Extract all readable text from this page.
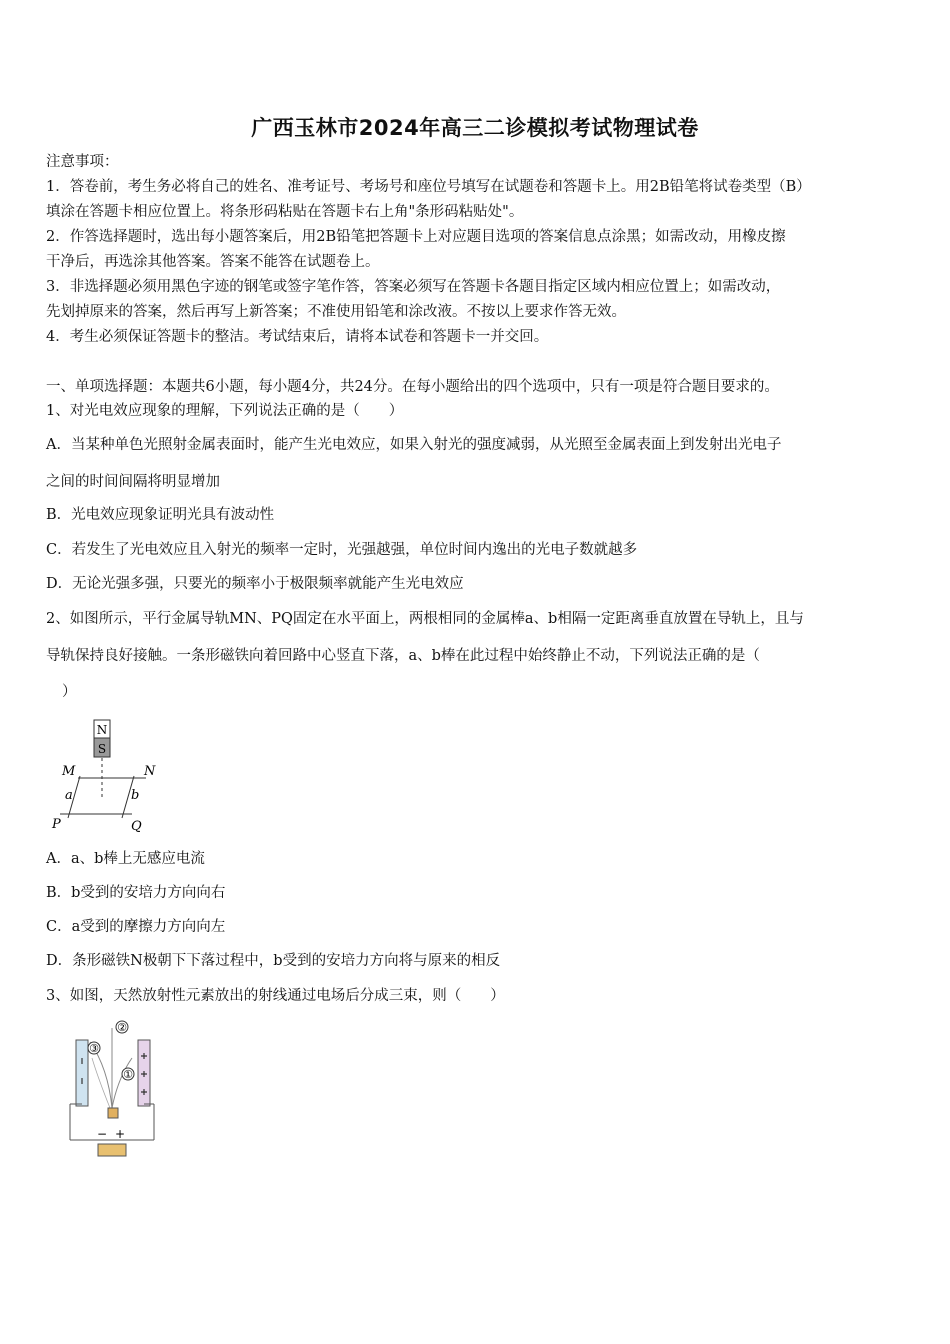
广西玉林市2024年高三二诊模拟考试物理试卷
注意事项：
1．答卷前，考生务必将自己的姓名、准考证号、考场号和座位号填写在试题卷和答题卡上。用2B铅笔将试卷类型（B）
填涂在答题卡相应位置上。将条形码粘贴在答题卡右上角"条形码粘贴处"。
2．作答选择题时，选出每小题答案后，用2B铅笔把答题卡上对应题目选项的答案信息点涂黑；如需改动，用橡皮擦
干净后，再选涂其他答案。答案不能答在试题卷上。
3．非选择题必须用黑色字迹的钢笔或签字笔作答，答案必须写在答题卡各题目指定区域内相应位置上；如需改动，
先划掉原来的答案，然后再写上新答案；不准使用铅笔和涂改液。不按以上要求作答无效。
4．考生必须保证答题卡的整洁。考试结束后，请将本试卷和答题卡一并交回。
一、单项选择题：本题共6小题，每小题4分，共24分。在每小题给出的四个选项中，只有一项是符合题目要求的。
1、对光电效应现象的理解，下列说法正确的是（　　）
A．当某种单色光照射金属表面时，能产生光电效应，如果入射光的强度减弱，从光照至金属表面上到发射出光电子
之间的时间间隔将明显增加
B．光电效应现象证明光具有波动性
C．若发生了光电效应且入射光的频率一定时，光强越强，单位时间内逸出的光电子数就越多
D．无论光强多强，只要光的频率小于极限频率就能产生光电效应
2、如图所示，平行金属导轨MN、PQ固定在水平面上，两根相同的金属棒a、b相隔一定距离垂直放置在导轨上，且与
导轨保持良好接触。一条形磁铁向着回路中心竖直下落，a、b棒在此过程中始终静止不动，下列说法正确的是（
）
N
S
M	N
a	b
P	Q
A．a、b棒上无感应电流
B．b受到的安培力方向向右
C．a受到的摩擦力方向向左
D．条形磁铁N极朝下下落过程中，b受到的安培力方向将与原来的相反
3、如图，天然放射性元素放出的射线通过电场后分成三束，则（　　）
③
②
①
− +
